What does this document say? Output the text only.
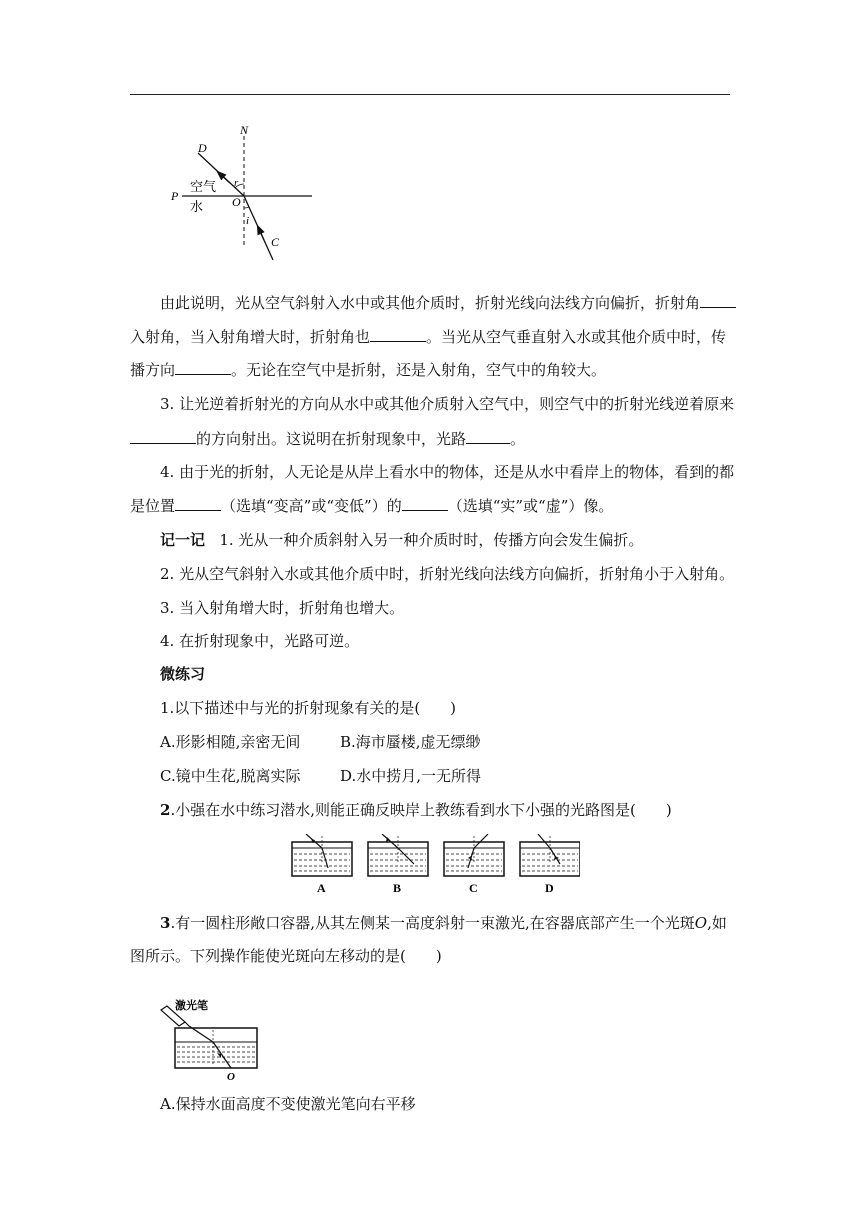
N
D
r
空气
P	O
水
i
C
由此说明，光从空气斜射入水中或其他介质时，折射光线向法线方向偏折，折射角
入射角，当入射角增大时，折射角也	。当光从空气垂直射入水或其他介质中时，传
播方向	。无论在空气中是折射，还是入射角，空气中的角较大。
3. 让光逆着折射光的方向从水中或其他介质射入空气中，则空气中的折射光线逆着原来
的方向射出。这说明在折射现象中，光路	。
4. 由于光的折射，人无论是从岸上看水中的物体，还是从水中看岸上的物体，看到的都
是位置	（选填“变高”或“变低”）的	（选填“实”或“虚”）像。
记一记 1. 光从一种介质斜射入另一种介质时时，传播方向会发生偏折。
2. 光从空气斜射入水或其他介质中时，折射光线向法线方向偏折，折射角小于入射角。
3. 当入射角增大时，折射角也增大。
4. 在折射现象中，光路可逆。
微练习
1.以下描述中与光的折射现象有关的是(　　)
A.形影相随,亲密无间	B.海市蜃楼,虚无缥缈
C.镜中生花,脱离实际	D.水中捞月,一无所得
2.小强在水中练习潜水,则能正确反映岸上教练看到水下小强的光路图是(　　)
A	B	C	D
3.有一圆柱形敞口容器,从其左侧某一高度斜射一束激光,在容器底部产生一个光斑O,如
图所示。下列操作能使光斑向左移动的是(　　)
激光笔
O
A.保持水面高度不变使激光笔向右平移
